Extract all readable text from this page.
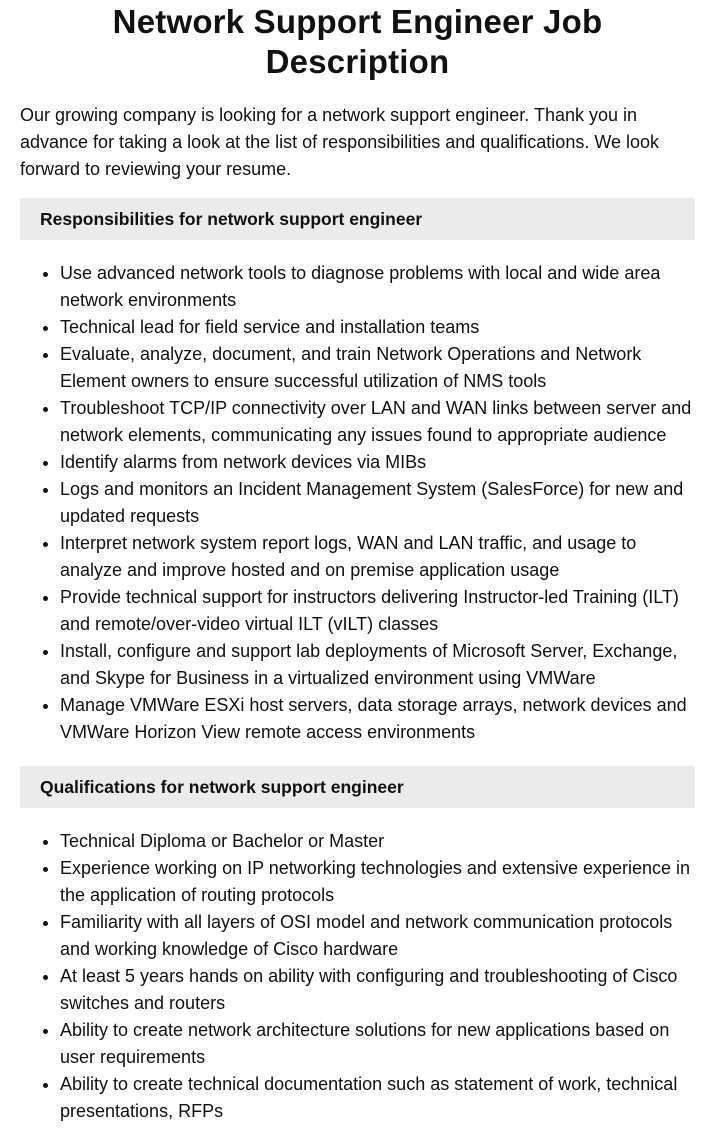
Network Support Engineer Job Description

Our growing company is looking for a network support engineer. Thank you in advance for taking a look at the list of responsibilities and qualifications. We look forward to reviewing your resume.

Responsibilities for network support engineer
• Use advanced network tools to diagnose problems with local and wide area network environments
• Technical lead for field service and installation teams
• Evaluate, analyze, document, and train Network Operations and Network Element owners to ensure successful utilization of NMS tools
• Troubleshoot TCP/IP connectivity over LAN and WAN links between server and network elements, communicating any issues found to appropriate audience
• Identify alarms from network devices via MIBs
• Logs and monitors an Incident Management System (SalesForce) for new and updated requests
• Interpret network system report logs, WAN and LAN traffic, and usage to analyze and improve hosted and on premise application usage
• Provide technical support for instructors delivering Instructor-led Training (ILT) and remote/over-video virtual ILT (vILT) classes
• Install, configure and support lab deployments of Microsoft Server, Exchange, and Skype for Business in a virtualized environment using VMWare
• Manage VMWare ESXi host servers, data storage arrays, network devices and VMWare Horizon View remote access environments
Qualifications for network support engineer
• Technical Diploma or Bachelor or Master
• Experience working on IP networking technologies and extensive experience in the application of routing protocols
• Familiarity with all layers of OSI model and network communication protocols and working knowledge of Cisco hardware
• At least 5 years hands on ability with configuring and troubleshooting of Cisco switches and routers
• Ability to create network architecture solutions for new applications based on user requirements
• Ability to create technical documentation such as statement of work, technical presentations, RFPs
